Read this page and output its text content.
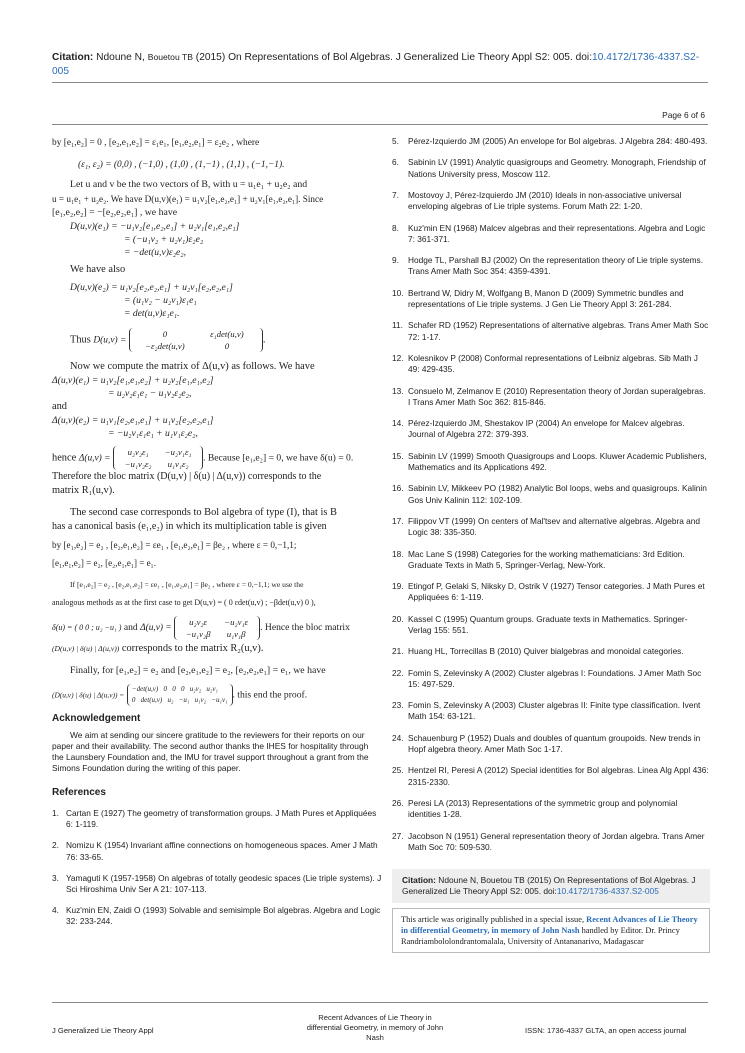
Citation: Ndoune N, Bouetou TB (2015) On Representations of Bol Algebras. J Generalized Lie Theory Appl S2: 005. doi:10.4172/1736-4337.S2-005
Page 6 of 6

by [e₁,e₂] = 0 , [e₂,e₁,e₂] = ε₁e₁, [e₁,e₂,e₁] = ε₂e₂ , where

(ε₁, ε₂) = (0,0) , (−1,0) , (1,0) , (1,−1) , (1,1) , (−1,−1).

Let u and v be the two vectors of B, with u = u₁e₁ + u₂e₂ and

u = u₁e₁ + u₂e₂. We have D(u,v)(e₁) = u₁v₂[e₁,e₂,e₁] + u₂v₁[e₁,e₂,e₁]. Since

[e₁,e₂,e₂] = −[e₂,e₂,e₁] , we have

D(u,v)(e₁) = −u₁v₂[e₁,e₂,e₁] + u₂v₁[e₁,e₂,e₁]
= (−u₁v₂ + u₂v₁)ε₂e₂
= −det(u,v)ε₂e₂,

We have also

D(u,v)(e₂) = u₁v₂[e₂,e₂,e₁] + u₂v₁[e₂,e₂,e₁]
= (u₁v₂ − u₂v₁)ε₁e₁
= det(u,v)ε₁e₁.
Thus D(u,v) = 0	ε₁det(u,v)
−ε₂det(u,v)	0.

Now we compute the matrix of Δ(u,v) as follows. We have

Δ(u,v)(e₁) = u₁v₂[e₁,e₁,e₂] + u₂v₂[e₁,e₁,e₂]
= u₂v₂ε₁e₁ − u₁v₂ε₂e₂,

and

Δ(u,v)(e₂) = u₁v₁[e₂,e₁,e₁] + u₁v₂[e₂,e₂,e₁]
= −u₂v₁ε₁e₁ + u₁v₁ε₂e₂,
hence Δ(u,v) = u₂v₂ε₁ −u₂v₁ε₁
−u₁v₂ε₂ u₁v₁ε₂. Because [e₁,e₂] = 0, we have δ(u) = 0.

Therefore the bloc matrix (D(u,v) | δ(u) | Δ(u,v)) corresponds to the

matrix R₁(u,v).

The second case corresponds to Bol algebra of type (I), that is B

has a canonical basis (e₁,e₂) in which its multiplication table is given

by [e₁,e₂] = e₂ , [e₂,e₁,e₂] = εe₁ , [e₁,e₂,e₁] = βe₂ , where ε = 0,−1,1;

[e₁,e₁,e₂] = e₂, [e₂,e₁,e₁] = e₁.

If [e₁,e₂] = e₂ , [e₂,e₁,e₂] = εe₁ , [e₁,e₂,e₁] = βe₂ , where ε = 0,−1,1; we use the

analogous methods as at the first case to get D(u,v) = ( 0 εdet(u,v) ; −βdet(u,v) 0 ),

δ(u) = ( 0 0 ; u₂ −u₁ ) and Δ(u,v) = u₂v₂ε −u₂v₁ε
−u₁v₂β u₁v₁β. Hence the bloc matrix
(D(u,v) | δ(u) | Δ(u,v)) corresponds to the matrix R₂(u,v).

Finally, for [e₁,e₂] = e₂ and [e₂,e₁,e₂] = e₂, [e₂,e₂,e₁] = e₁, we have

(D(u,v) | δ(u) | Δ(u,v)) = −det(u,v)   0   0   0   u₂v₂   u₂v₁
0   det(u,v)   u₂   −u₁   u₁v₂   −u₁v₁ . this end the proof.
Acknowledgement

We aim at sending our sincere gratitude to the reviewers for their reports on our paper and their availability. The second author thanks the IHES for hospitality through the Launsbery Foundation and, the IMU for travel support throughout a grant from the Simons Foundation during the writing of this paper.

References
1. Cartan E (1927) The geometry of transformation groups. J Math Pures et Appliquées 6: 1-119.
2. Nomizu K (1954) Invariant affine connections on homogeneous spaces. Amer J Math 76: 33-65.
3. Yamaguti K (1957-1958) On algebras of totally geodesic spaces (Lie triple systems). J Sci Hiroshima Univ Ser A 21: 107-113.
4. Kuz'min EN, Zaidi O (1993) Solvable and semisimple Bol algebras. Algebra and Logic 32: 233-244.
5. Pérez-Izquierdo JM (2005) An envelope for Bol algebras. J Algebra 284: 480-493.
6. Sabinin LV (1991) Analytic quasigroups and Geometry. Monograph, Friendship of Nations University press, Moscow 112.
7. Mostovoy J, Pérez-Izquierdo JM (2010) Ideals in non-associative universal enveloping algebras of Lie triple systems. Forum Math 22: 1-20.
8. Kuz'min EN (1968) Malcev algebras and their representations. Algebra and Logic 7: 361-371.
9. Hodge TL, Parshall BJ (2002) On the representation theory of Lie triple systems. Trans Amer Math Soc 354: 4359-4391.
10. Bertrand W, Didry M, Wolfgang B, Manon D (2009) Symmetric bundles and representations of Lie triple systems. J Gen Lie Theory Appl 3: 261-284.
11. Schafer RD (1952) Representations of alternative algebras. Trans Amer Math Soc 72: 1-17.
12. Kolesnikov P (2008) Conformal representations of Leibniz algebras. Sib Math J 49: 429-435.
13. Consuelo M, Zelmanov E (2010) Representation theory of Jordan superalgebras. I Trans Amer Math Soc 362: 815-846.
14. Pérez-Izquierdo JM, Shestakov IP (2004) An envelope for Malcev algebras. Journal of Algebra 272: 379-393.
15. Sabinin LV (1999) Smooth Quasigroups and Loops. Kluwer Academic Publishers, Mathematics and its Applications 492.
16. Sabinin LV, Mikkeev PO (1982) Analytic Bol loops, webs and quasigroups. Kalinin Gos Univ Kalinin 112: 102-109.
17. Filippov VT (1999) On centers of Mal'tsev and alternative algebras. Algebra and Logic 38: 335-350.
18. Mac Lane S (1998) Categories for the working mathematicians: 3rd Edition. Graduate Texts in Math 5, Springer-Verlag, New-York.
19. Etingof P, Gelaki S, Niksky D, Ostrik V (1927) Tensor categories. J Math Pures et Appliquées 6: 1-119.
20. Kassel C (1995) Quantum groups. Graduate texts in Mathematics. Springer-Verlag 155: 551.
21. Huang HL, Torrecillas B (2010) Quiver bialgebras and monoidal categories.
22. Fomin S, Zelevinsky A (2002) Cluster algebras I: Foundations. J Amer Math Soc 15: 497-529.
23. Fomin S, Zelevinsky A (2003) Cluster algebras II: Finite type classification. Ivent Math 154: 63-121.
24. Schauenburg P (1952) Duals and doubles of quantum groupoids. New trends in Hopf algebra theory. Amer Math Soc 1-17.
25. Hentzel RI, Peresi A (2012) Special identities for Bol algebras. Linea Alg Appl 436: 2315-2330.
26. Peresi LA (2013) Representations of the symmetric group and polynomial identities 1-28.
27. Jacobson N (1951) General representation theory of Jordan algebra. Trans Amer Math Soc 70: 509-530.
Citation: Ndoune N, Bouetou TB (2015) On Representations of Bol Algebras. J Generalized Lie Theory Appl S2: 005. doi:10.4172/1736-4337.S2-005
This article was originally published in a special issue, Recent Advances of Lie Theory in differential Geometry, in memory of John Nash handled by Editor. Dr. Princy Randriambololondrantomalala, University of Antananarivo, Madagascar
J Generalized Lie Theory Appl
Recent Advances of Lie Theory in differential Geometry, in memory of John Nash
ISSN: 1736-4337 GLTA, an open access journal
